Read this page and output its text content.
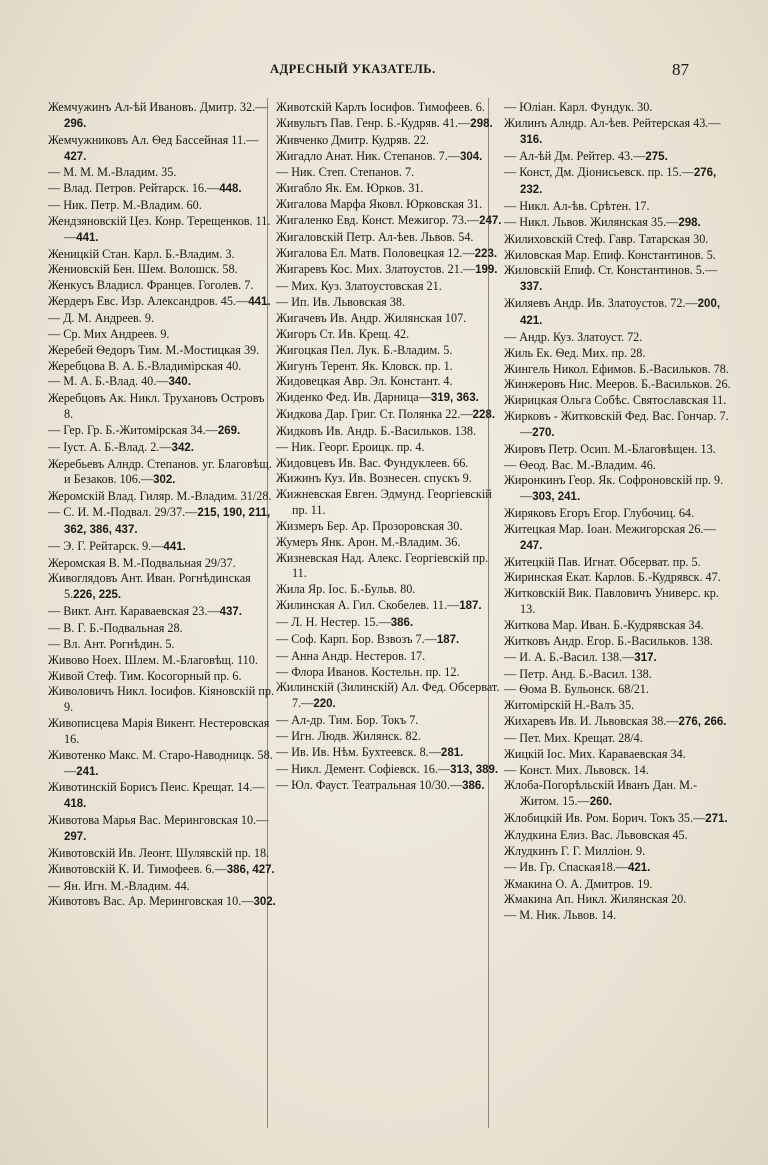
АДРЕСНЫЙ УКАЗАТЕЛЬ.	87

Жемчужинъ Ал-ѣй Ивановъ. Дмитр. 32.—296.

Жемчужниковъ Ал. Ѳед Бассейная 11.—427.

— М. М. М.-Владим. 35.

— Влад. Петров. Рейтарск. 16.—448.

— Ник. Петр. М.-Владим. 60.

Жендзяновскій Цез. Конр. Терещенков. 11.—441.

Женицкій Стан. Карл. Б.-Владим. 3.

Жениовскій Бен. Шем. Волошск. 58.

Женкусъ Владисл. Францев. Гоголев. 7.

Жердеръ Евс. Изр. Александров. 45.—441.

— Д. М. Андреев. 9.

— Ср. Мих Андреев. 9.

Жеребей Ѳедоръ Тим. М.-Мостицкая 39.

Жеребцова В. А. Б.-Владимірская 40.

— М. А. Б.-Влад. 40.—340.

Жеребцовъ Ак. Никл. Трухановъ Островъ 8.

— Гер. Гр. Б.-Житомірская 34.—269.

— Іуст. А. Б.-Влад. 2.—342.

Жеребьевъ Алндр. Степанов. уг. Благовѣщ. и Безаков. 106.—302.

Жеромскій Влад. Гиляр. М.-Владим. 31/28.

— С. И. М.-Подвал. 29/37.—215, 190, 211, 362, 386, 437.

— Э. Г. Рейтарск. 9.—441.

Жеромская В. М.-Подвальная 29/37.

Живоглядовъ Ант. Иван. Рогнѣдинская 5.226, 225.

— Викт. Ант. Караваевская 23.—437.

— В. Г. Б.-Подвальная 28.

— Вл. Ант. Рогнѣдин. 5.

Живово Ноех. Шлем. М.-Благовѣщ. 110.

Живой Стеф. Тим. Косогорный пр. 6.

Живоловичъ Никл. Іосифов. Кіяновскій пр. 9.

Живописцева Марія Викент. Нестеровская 16.

Животенко Макс. М. Старо-Наводницк. 58.—241.

Животинскій Борисъ Пеис. Крещат. 14.—418.

Животова Марья Вас. Меринговская 10.—297.

Животовскій Ив. Леонт. Шулявскій пр. 18.

Животовскій К. И. Тимофеев. 6.—386, 427.

— Ян. Игн. М.-Владим. 44.

Животовъ Вас. Ар. Меринговская 10.—302.

Животскій Карлъ Іосифов. Тимофеев. 6.

Живультъ Пав. Генр. Б.-Кудряв. 41.—298.

Живченко Дмитр. Кудряв. 22.

Жигадло Анат. Ник. Степанов. 7.—304.

— Ник. Степ. Степанов. 7.

Жигабло Як. Ем. Юрков. 31.

Жигалова Марфа Яковл. Юрковская 31.

Жигаленко Евд. Конст. Межигор. 73.—247.

Жигаловскій Петр. Ал-ѣев. Львов. 54.

Жигалова Ел. Матв. Половецкая 12.—223.

Жигаревъ Кос. Мих. Златоустов. 21.—199.

— Мих. Куз. Златоустовская 21.

— Ип. Ив. Львовская 38.

Жигачевъ Ив. Андр. Жилянская 107.

Жигоръ Ст. Ив. Крещ. 42.

Жигоцкая Пел. Лук. Б.-Владим. 5.

Жигунъ Терент. Як. Кловск. пр. 1.

Жидовецкая Авр. Эл. Констант. 4.

Жиденко Фед. Ив. Дарница—319, 363.

Жидкова Дар. Григ. Ст. Полянка 22.—228.

Жидковъ Ив. Андр. Б.-Васильков. 138.

— Ник. Георг. Ероицк. пр. 4.

Жидовцевъ Ив. Вас. Фундуклеев. 66.

Жижинъ Куз. Ив. Вознесен. спускъ 9.

Жижневская Евген. Эдмунд. Георгіевскій пр. 11.

Жизмеръ Бер. Ар. Прозоровская 30.

Жумеръ Янк. Арон. М.-Владим. 36.

Жизневская Над. Алекс. Георгіевскій пр. 11.

Жила Яр. Іос. Б.-Бульв. 80.

Жилинская А. Гил. Скобелев. 11.—187.

— Л. Н. Нестер. 15.—386.

— Соф. Карп. Бор. Взвозъ 7.—187.

— Анна Андр. Нестеров. 17.

— Флора Иванов. Костельн. пр. 12.

Жилинскій (Зилинскій) Ал. Фед. Обсерват. 7.—220.

— Ал-др. Тим. Бор. Токъ 7.

— Игн. Людв. Жилянск. 82.

— Ив. Ив. Нѣм. Бухтеевск. 8.—281.

— Никл. Демент. Софіевск. 16.—313, 389.

— Юл. Фауст. Театральная 10/30.—386.

— Юліан. Карл. Фундук. 30.

Жилинъ Алндр. Ал-ѣев. Рейтерская 43.—316.

— Ал-ѣй Дм. Рейтер. 43.—275.

— Конст, Дм. Діонисьевск. пр. 15.—276, 232.

— Никл. Ал-ѣв. Срѣтен. 17.

— Никл. Львов. Жилянская 35.—298.

Жилиховскій Стеф. Гавр. Татарская 30.

Жиловская Мар. Епиф. Константинов. 5.

Жиловскій Епиф. Ст. Константинов. 5.—337.

Жиляевъ Андр. Ив. Златоустов. 72.—200, 421.

— Андр. Куз. Златоуст. 72.

Жиль Ек. Ѳед. Мих. пр. 28.

Жингель Никол. Ефимов. Б.-Васильков. 78.

Жинжеровъ Нис. Мееров. Б.-Васильков. 26.

Жирицкая Ольга Собѣс. Святославская 11.

Жирковъ - Житковскій Фед. Вас. Гончар. 7.—270.

Жировъ Петр. Осип. М.-Благовѣщен. 13.

— Ѳеод. Вас. М.-Владим. 46.

Жиронкинъ Геор. Як. Софроновскій пр. 9.—303, 241.

Жиряковъ Егоръ Егор. Глубочиц. 64.

Житецкая Мар. Іоан. Межигорская 26.—247.

Житецкій Пав. Игнат. Обсерват. пр. 5.

Жиринская Екат. Карлов. Б.-Кудрявск. 47.

Житковскій Вик. Павловичъ Универс. кр. 13.

Житкова Мар. Иван. Б.-Кудрявская 34.

Житковъ Андр. Егор. Б.-Васильков. 138.

— И. А. Б.-Васил. 138.—317.

— Петр. Анд. Б.-Васил. 138.

— Ѳома В. Бульонск. 68/21.

Житомірскій Н.-Валъ 35.

Жихаревъ Ив. И. Львовская 38.—276, 266.

— Пет. Мих. Крещат. 28/4.

Жицкій Іос. Мих. Караваевская 34.

— Конст. Мих. Львовск. 14.

Жлоба-Погорѣльскій Иванъ Дан. М.-Житом. 15.—260.

Жлобицкій Ив. Ром. Борич. Токъ 35.—271.

Жлудкина Елиз. Вас. Львовская 45.

Жлудкинъ Г. Г. Милліон. 9.

— Ив. Гр. Спаская18.—421.

Жмакина О. А. Дмитров. 19.

Жмакина Ап. Никл. Жилянская 20.

— М. Ник. Львов. 14.
